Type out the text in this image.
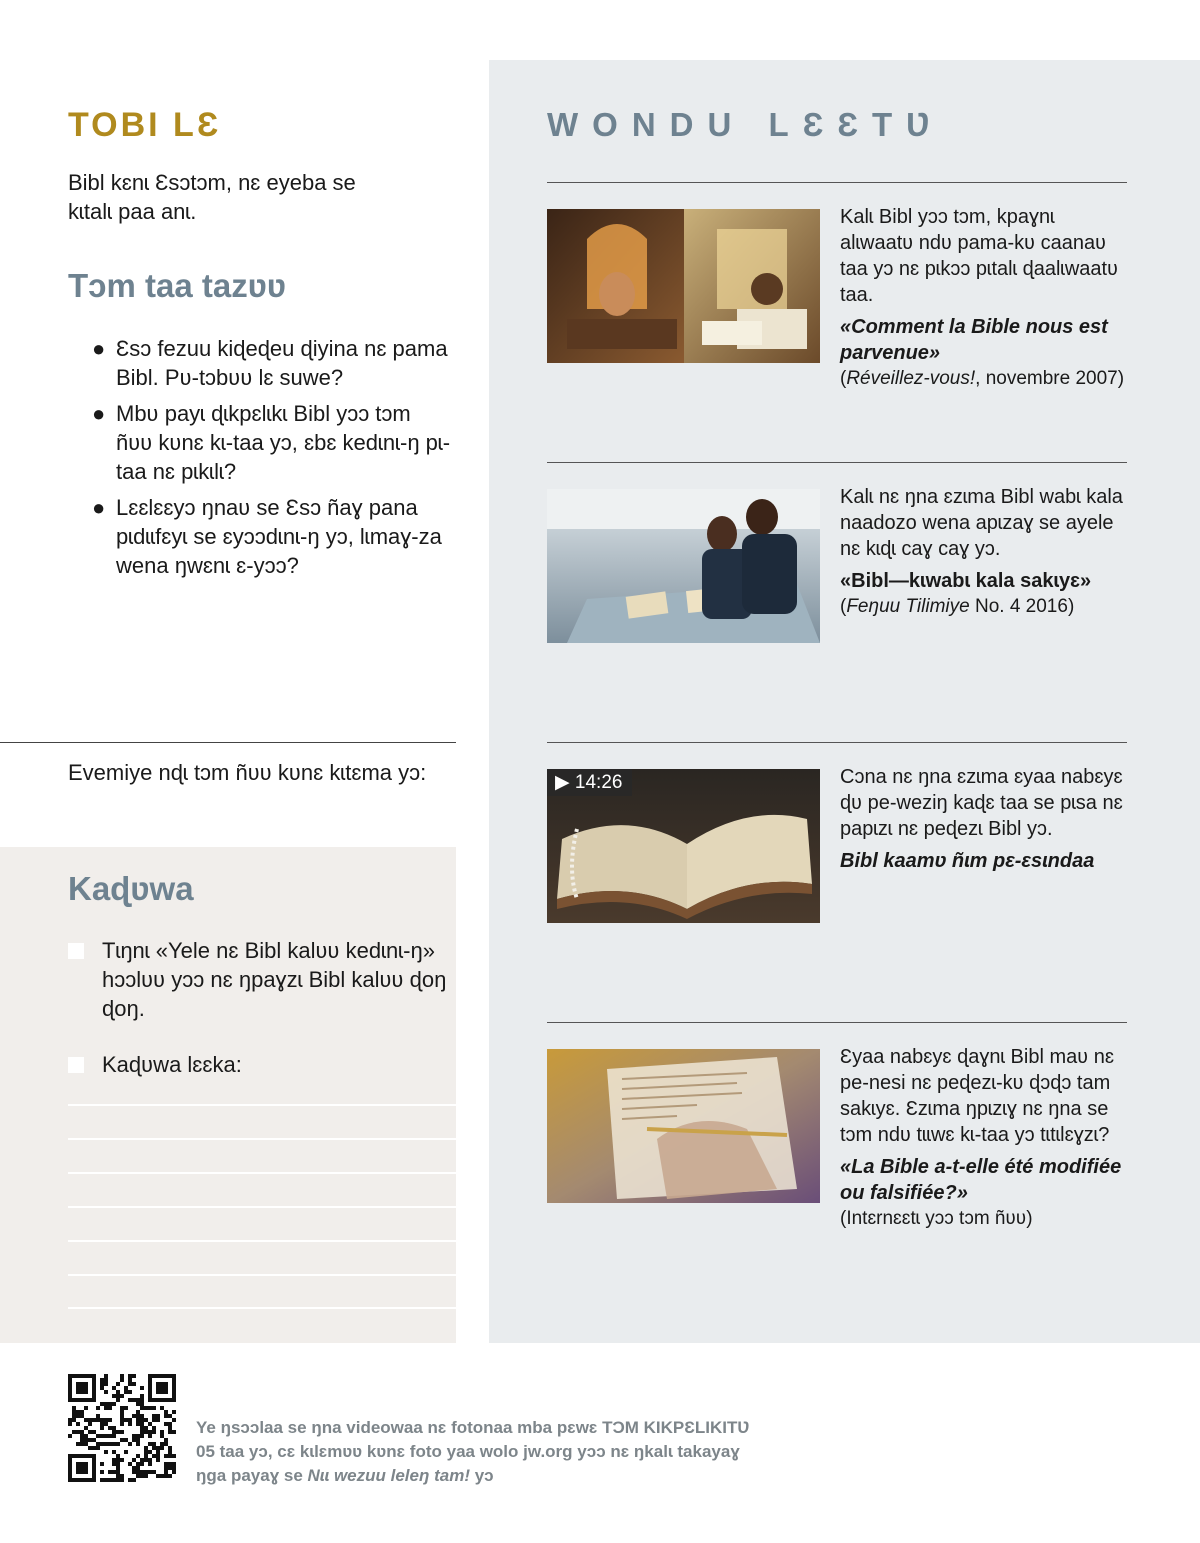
TOBI LƐ

Bibl kɛnɩ Ɛsɔtɔm, nɛ eyeba se kɩtalɩ paa anɩ.

Tɔm taa tazʋʋ
● Ɛsɔ fezuu kiɖeɖeu ɖiyina nɛ pama Bibl. Pʋ-tɔbʋʋ lɛ suwe?
● Mbʋ payɩ ɖɩkpɛlɩkɩ Bibl yɔɔ tɔm ñʋʋ kʋnɛ kɩ-taa yɔ, ɛbɛ kedɩnɩ-ŋ pɩ-taa nɛ pɩkɩlɩ?
● Lɛɛlɛɛyɔ ŋnaʋ se Ɛsɔ ñaɣ pana pɩdɩɩfɛyɩ se ɛyɔɔdɩnɩ-ŋ yɔ, lɩmaɣ-za wena ŋwɛnɩ ɛ-yɔɔ?

Evemiye nɖɩ tɔm ñʋʋ kʋnɛ kɩtɛma yɔ:

Kaɖʋwa
Tɩŋnɩ «Yele nɛ Bibl kalʋʋ kedɩnɩ-ŋ» hɔɔlʋʋ yɔɔ nɛ ŋpaɣzɩ Bibl kalʋʋ ɖoŋ ɖoŋ.
Kaɖʋwa lɛɛka:
WONDU LƐƐTƲ

Kalɩ Bibl yɔɔ tɔm, kpaɣnɩ alɩwaatʋ ndʋ pama-kʋ caanaʋ taa yɔ nɛ pɩkɔɔ pɩtalɩ ɖaalɩwaatʋ taa.

«Comment la Bible nous est parvenue»

(Réveillez-vous!, novembre 2007)

Kalɩ nɛ ŋna ɛzɩma Bibl wabɩ kala naadozo wena apɩzaɣ se ayele nɛ kɩɖɩ caɣ caɣ yɔ.

«Bibl—kɩwabɩ kala sakɩyɛ»

(Feŋuu Tilimiye No. 4 2016)

▶ 14:26	Cɔna nɛ ŋna ɛzɩma ɛyaa nabɛyɛ ɖʋ pe-weziŋ kaɖɛ taa se pɩsa nɛ papɩzɩ nɛ peɖezɩ Bibl yɔ.

Bibl kaamʋ ñɩm pɛ-ɛsɩndaa

Ɛyaa nabɛyɛ ɖaɣnɩ Bibl maʋ nɛ pe-nesi nɛ peɖezɩ-kʋ ɖɔɖɔ tam sakɩyɛ. Ɛzɩma ŋpɩzɩɣ nɛ ŋna se tɔm ndʋ tɩɩwɛ kɩ-taa yɔ tɩtɩlɛɣzɩ?

«La Bible a-t-elle été modifiée ou falsifiée?»

(Intɛrnɛɛtɩ yɔɔ tɔm ñʋʋ)

Ye ŋsɔɔlaa se ŋna videowaa nɛ fotonaa mba pɛwɛ TƆM KƖKPƐLƖKƖTƲ 05 taa yɔ, cɛ kɩlɛmʋʋ kʋnɛ foto yaa wolo jw.org yɔɔ nɛ ŋkalɩ takayaɣ ŋga payaɣ se Nɩɩ wezuu leleŋ tam! yɔ
